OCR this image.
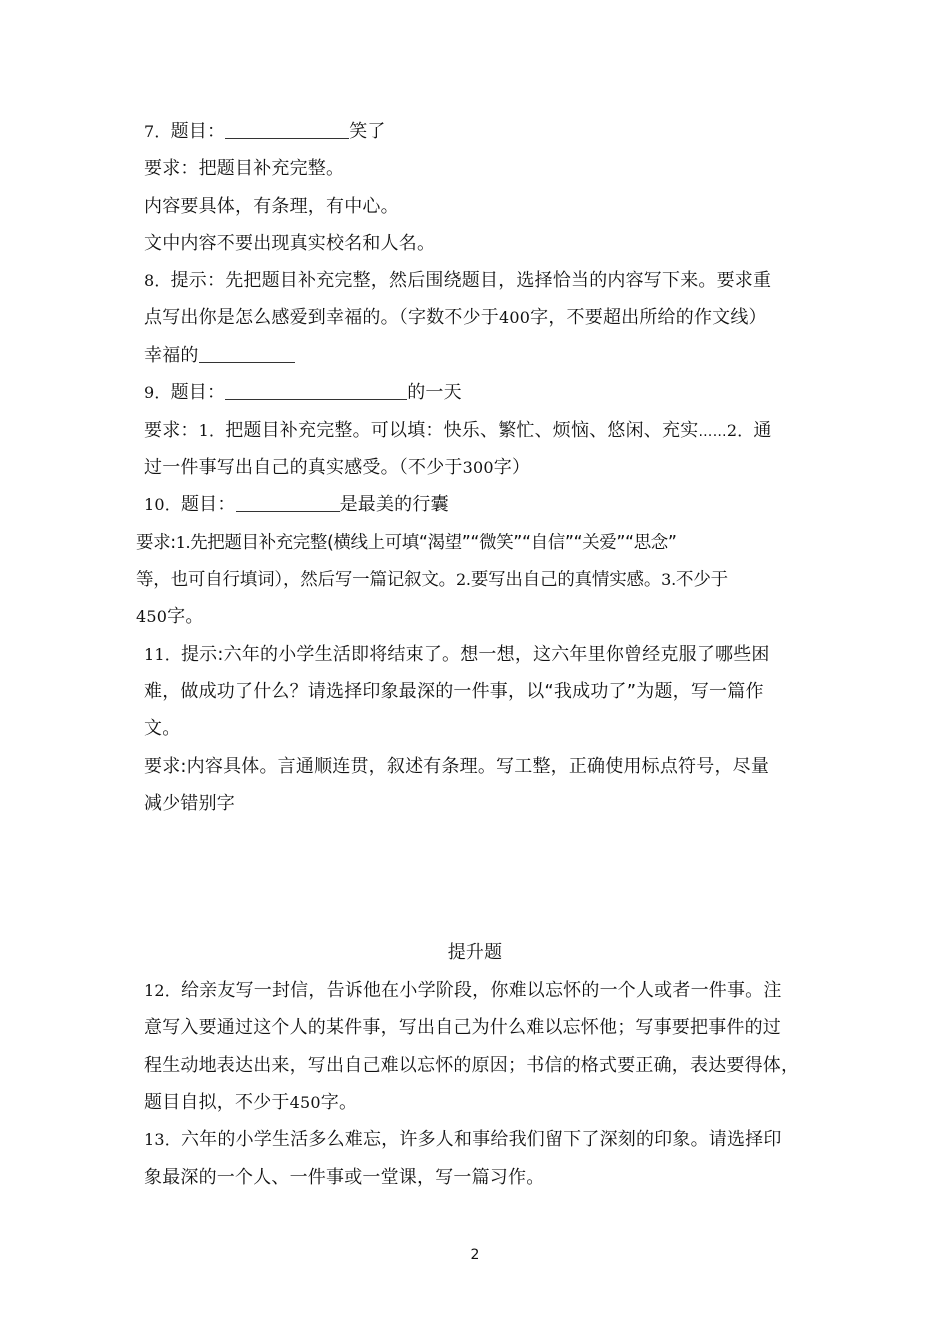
7．题目：	笑了
要求：把题目补充完整。
内容要具体，有条理，有中心。
文中内容不要出现真实校名和人名。
8．提示：先把题目补充完整，然后围绕题目，选择恰当的内容写下来。要求重
点写出你是怎么感爱到幸福的。（字数不少于400字，不要超出所给的作文线）
幸福的
9．题目：	的一天
要求：1．把题目补充完整。可以填：快乐、繁忙、烦恼、悠闲、充实……2．通
过一件事写出自己的真实感受。（不少于300字）
10．题目：	是最美的行囊
要求:1.先把题目补充完整(横线上可填“渴望”“微笑”“自信”“关爱”“思念”
等，也可自行填词），然后写一篇记叙文。2.要写出自己的真情实感。3.不少于
450字。
11．提示:六年的小学生活即将结束了。想一想，这六年里你曾经克服了哪些困
难，做成功了什么？请选择印象最深的一件事，以“我成功了”为题，写一篇作
文。
要求:内容具体。言通顺连贯，叙述有条理。写工整，正确使用标点符号，尽量
减少错别字
提升题
12．给亲友写一封信，告诉他在小学阶段，你难以忘怀的一个人或者一件事。注
意写入要通过这个人的某件事，写出自己为什么难以忘怀他；写事要把事件的过
程生动地表达出来，写出自己难以忘怀的原因；书信的格式要正确，表达要得体，
题目自拟，不少于450字。
13．六年的小学生活多么难忘，许多人和事给我们留下了深刻的印象。请选择印
象最深的一个人、一件事或一堂课，写一篇习作。
2
